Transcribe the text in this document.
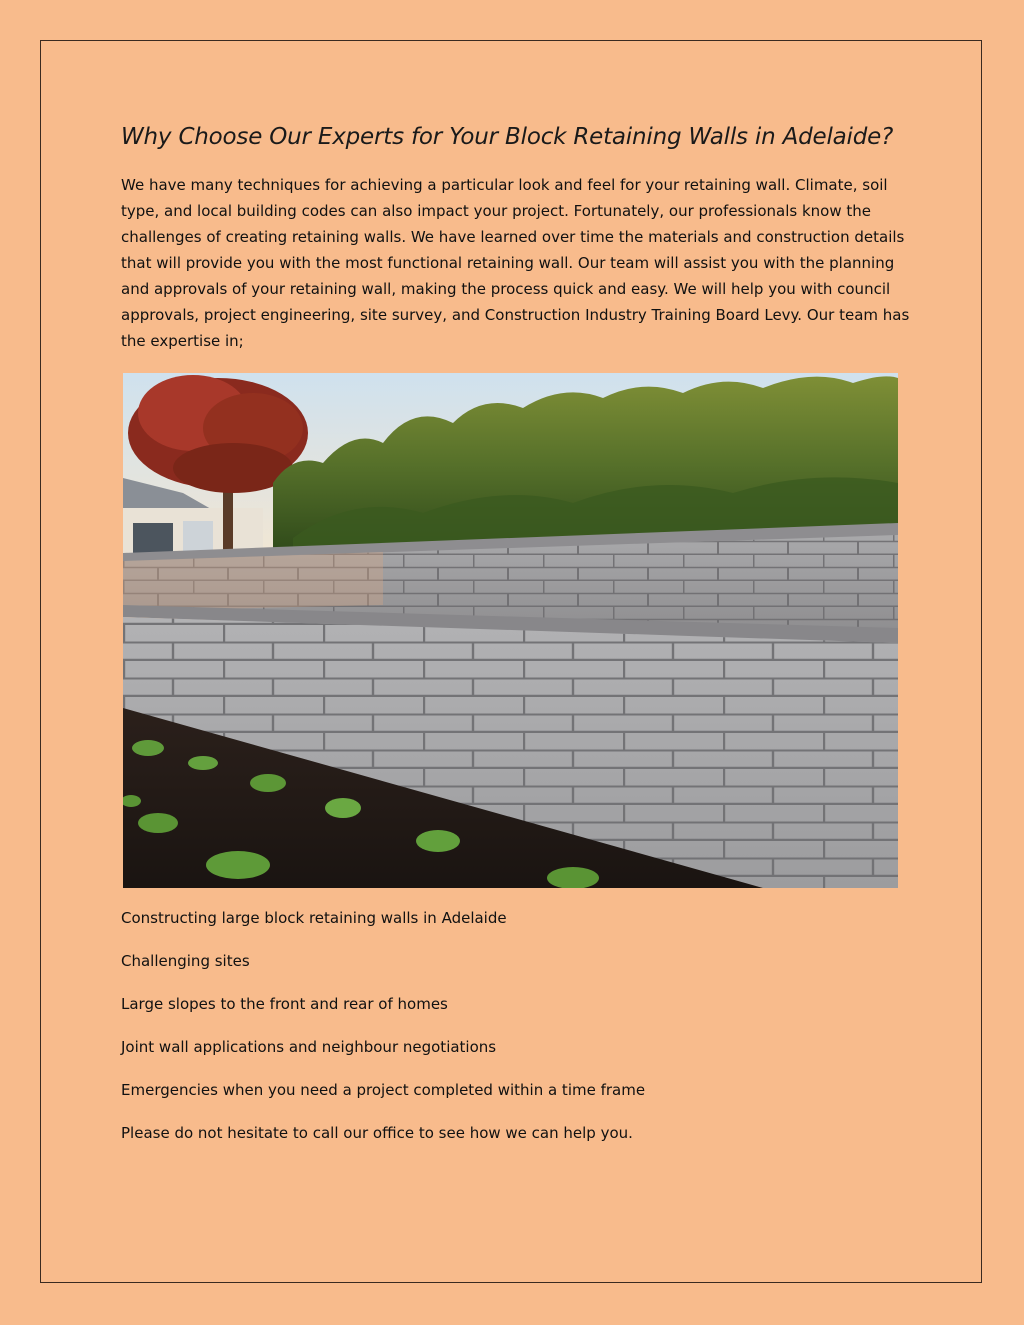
Why Choose Our Experts for Your Block Retaining Walls in Adelaide?

We have many techniques for achieving a particular look and feel for your retaining wall. Climate, soil type, and local building codes can also impact your project. Fortunately, our professionals know the challenges of creating retaining walls. We have learned over time the materials and construction details that will provide you with the most functional retaining wall. Our team will assist you with the planning and approvals of your retaining wall, making the process quick and easy. We will help you with council approvals, project engineering, site survey, and Construction Industry Training Board Levy. Our team has the expertise in;

Constructing large block retaining walls in Adelaide
Challenging sites
Large slopes to the front and rear of homes
Joint wall applications and neighbour negotiations
Emergencies when you need a project completed within a time frame
Please do not hesitate to call our office to see how we can help you.
